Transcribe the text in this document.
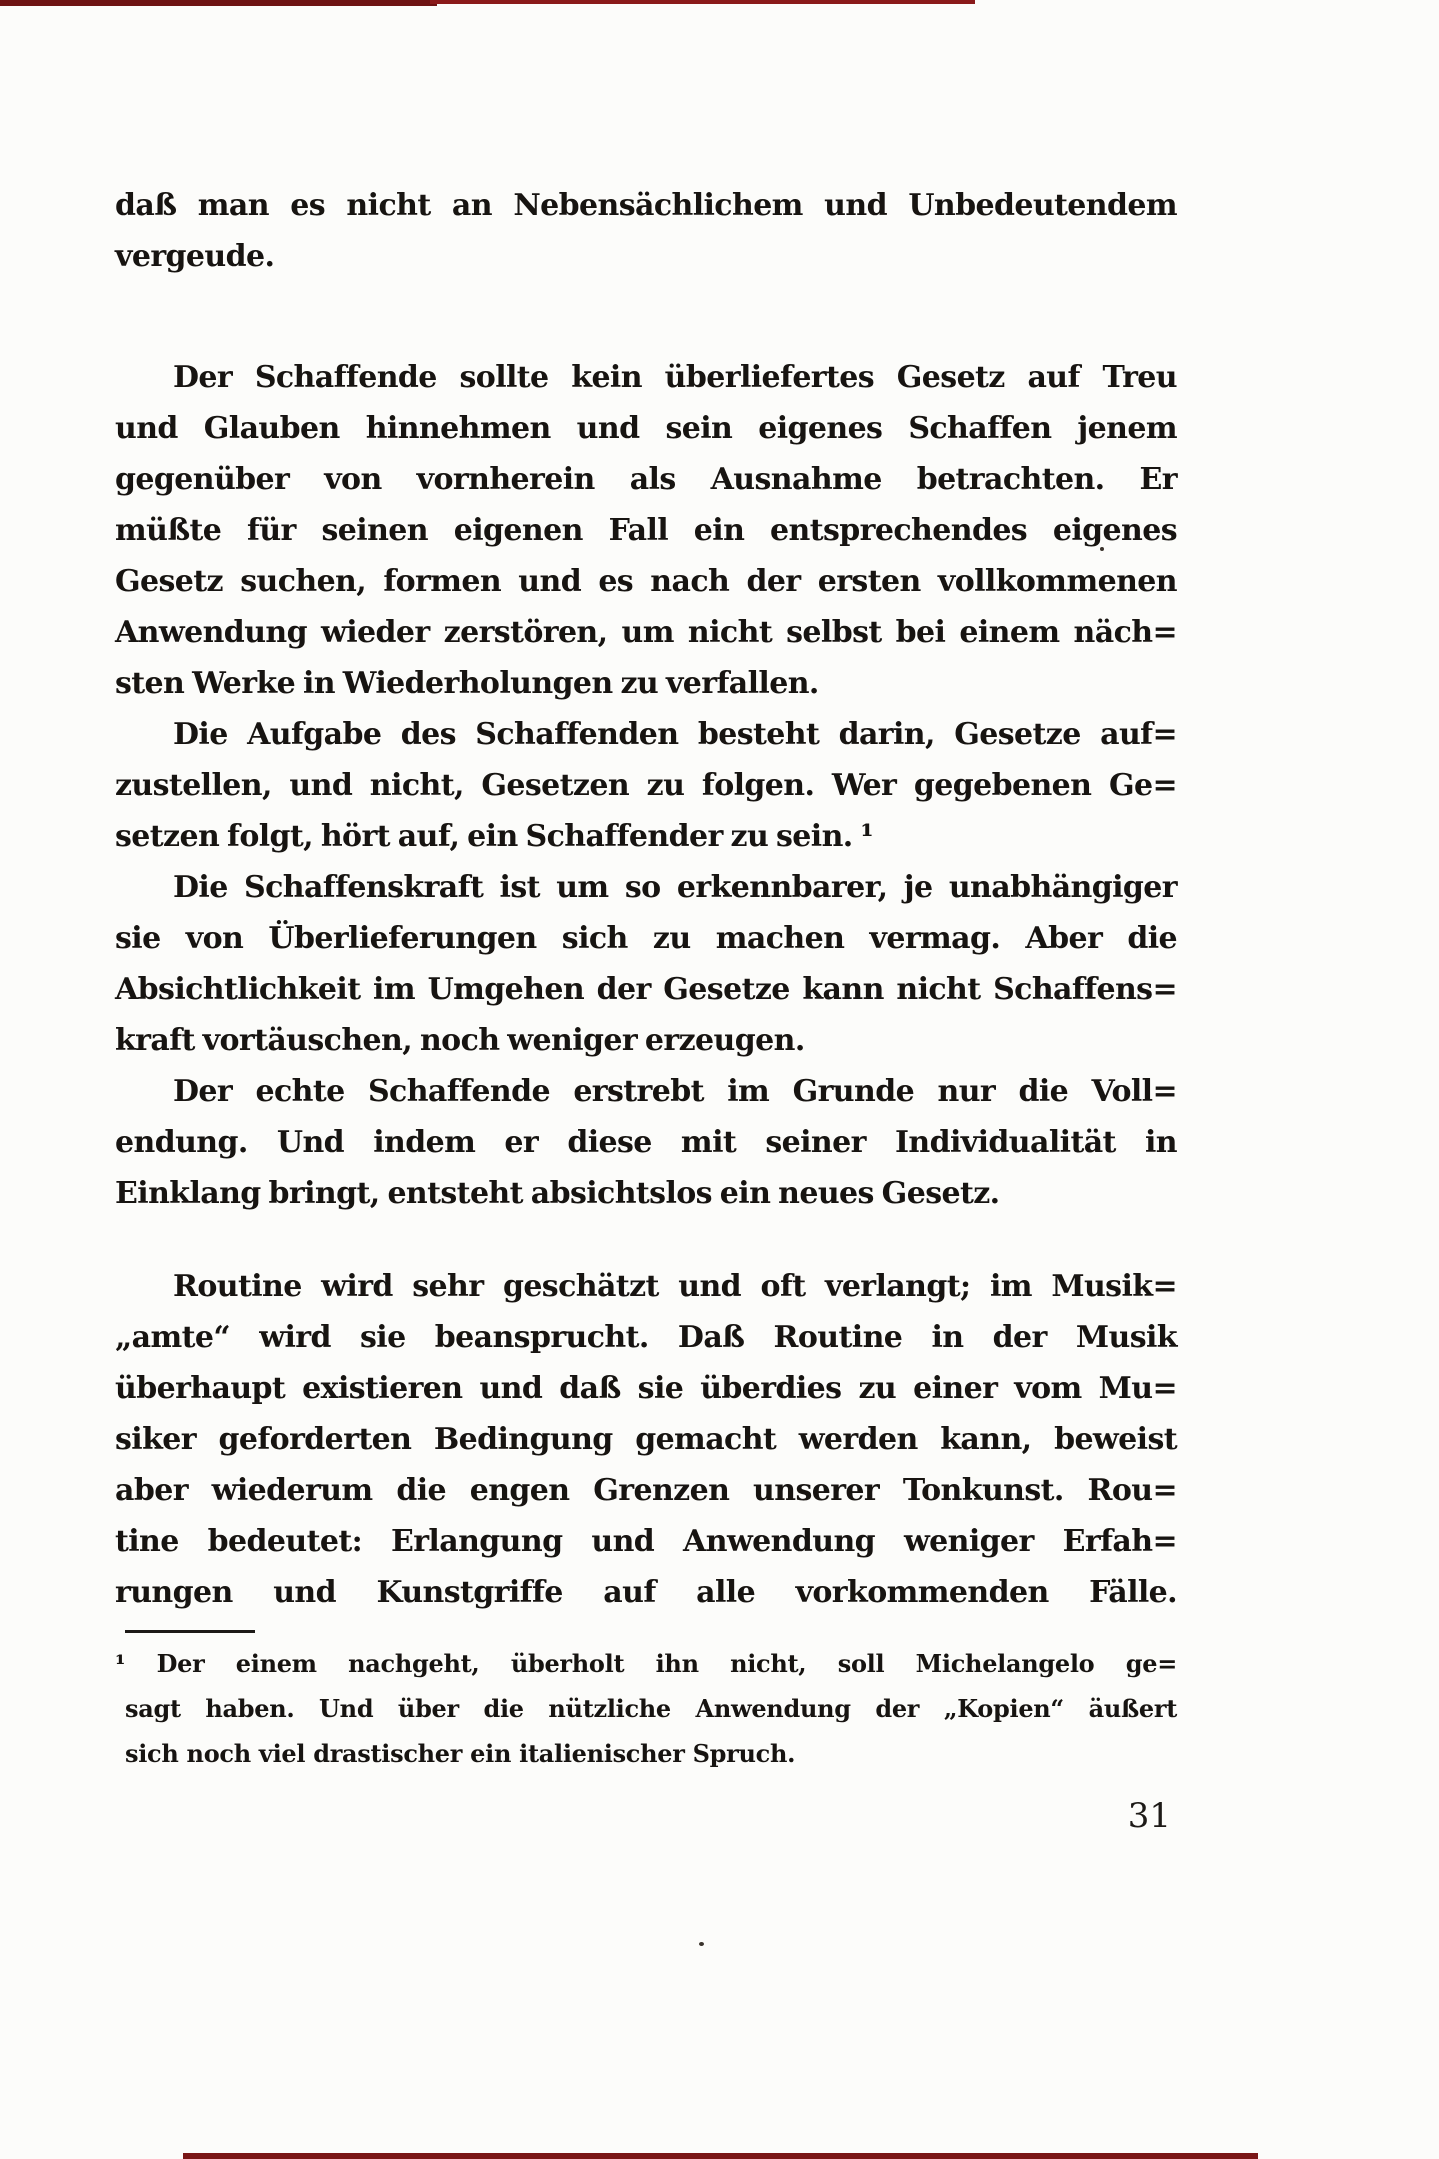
daß man es nicht an Nebensächlichem und Unbedeutendem
vergeude.
Der Schaffende sollte kein überliefertes Gesetz auf Treu
und Glauben hinnehmen und sein eigenes Schaffen jenem
gegenüber von vornherein als Ausnahme betrachten. Er
müßte für seinen eigenen Fall ein entsprechendes eigenes
Gesetz suchen, formen und es nach der ersten vollkommenen
Anwendung wieder zerstören, um nicht selbst bei einem näch=
sten Werke in Wiederholungen zu verfallen.
Die Aufgabe des Schaffenden besteht darin, Gesetze auf=
zustellen, und nicht, Gesetzen zu folgen. Wer gegebenen Ge=
setzen folgt, hört auf, ein Schaffender zu sein. ¹
Die Schaffenskraft ist um so erkennbarer, je unabhängiger
sie von Überlieferungen sich zu machen vermag. Aber die
Absichtlichkeit im Umgehen der Gesetze kann nicht Schaffens=
kraft vortäuschen, noch weniger erzeugen.
Der echte Schaffende erstrebt im Grunde nur die Voll=
endung. Und indem er diese mit seiner Individualität in
Einklang bringt, entsteht absichtslos ein neues Gesetz.
Routine wird sehr geschätzt und oft verlangt; im Musik=
„amte“ wird sie beansprucht. Daß Routine in der Musik
überhaupt existieren und daß sie überdies zu einer vom Mu=
siker geforderten Bedingung gemacht werden kann, beweist
aber wiederum die engen Grenzen unserer Tonkunst. Rou=
tine bedeutet: Erlangung und Anwendung weniger Erfah=
rungen und Kunstgriffe auf alle vorkommenden Fälle.
¹ Der einem nachgeht, überholt ihn nicht, soll Michelangelo ge=
sagt haben. Und über die nützliche Anwendung der „Kopien“ äußert
sich noch viel drastischer ein italienischer Spruch.
31
